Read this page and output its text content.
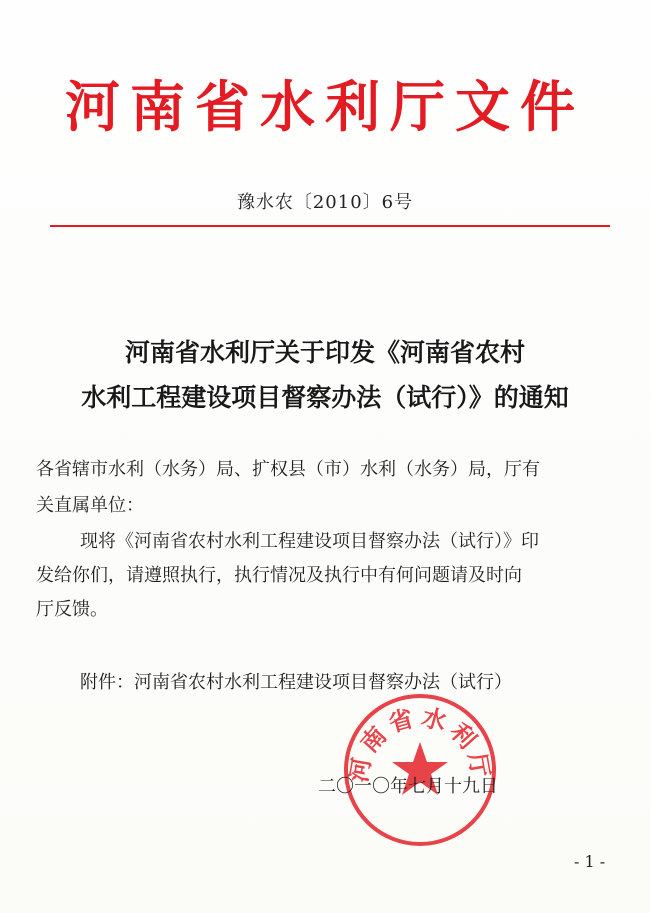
河南省水利厅文件
豫水农〔2010〕6号
河南省水利厅关于印发《河南省农村
水利工程建设项目督察办法（试行）》的通知
各省辖市水利（水务）局、扩权县（市）水利（水务）局，厅有
关直属单位：
现将《河南省农村水利工程建设项目督察办法（试行）》印
发给你们，请遵照执行，执行情况及执行中有何问题请及时向
厅反馈。
附件：河南省农村水利工程建设项目督察办法（试行）
河南省水利厅
二〇一〇年七月十九日
- 1 -
